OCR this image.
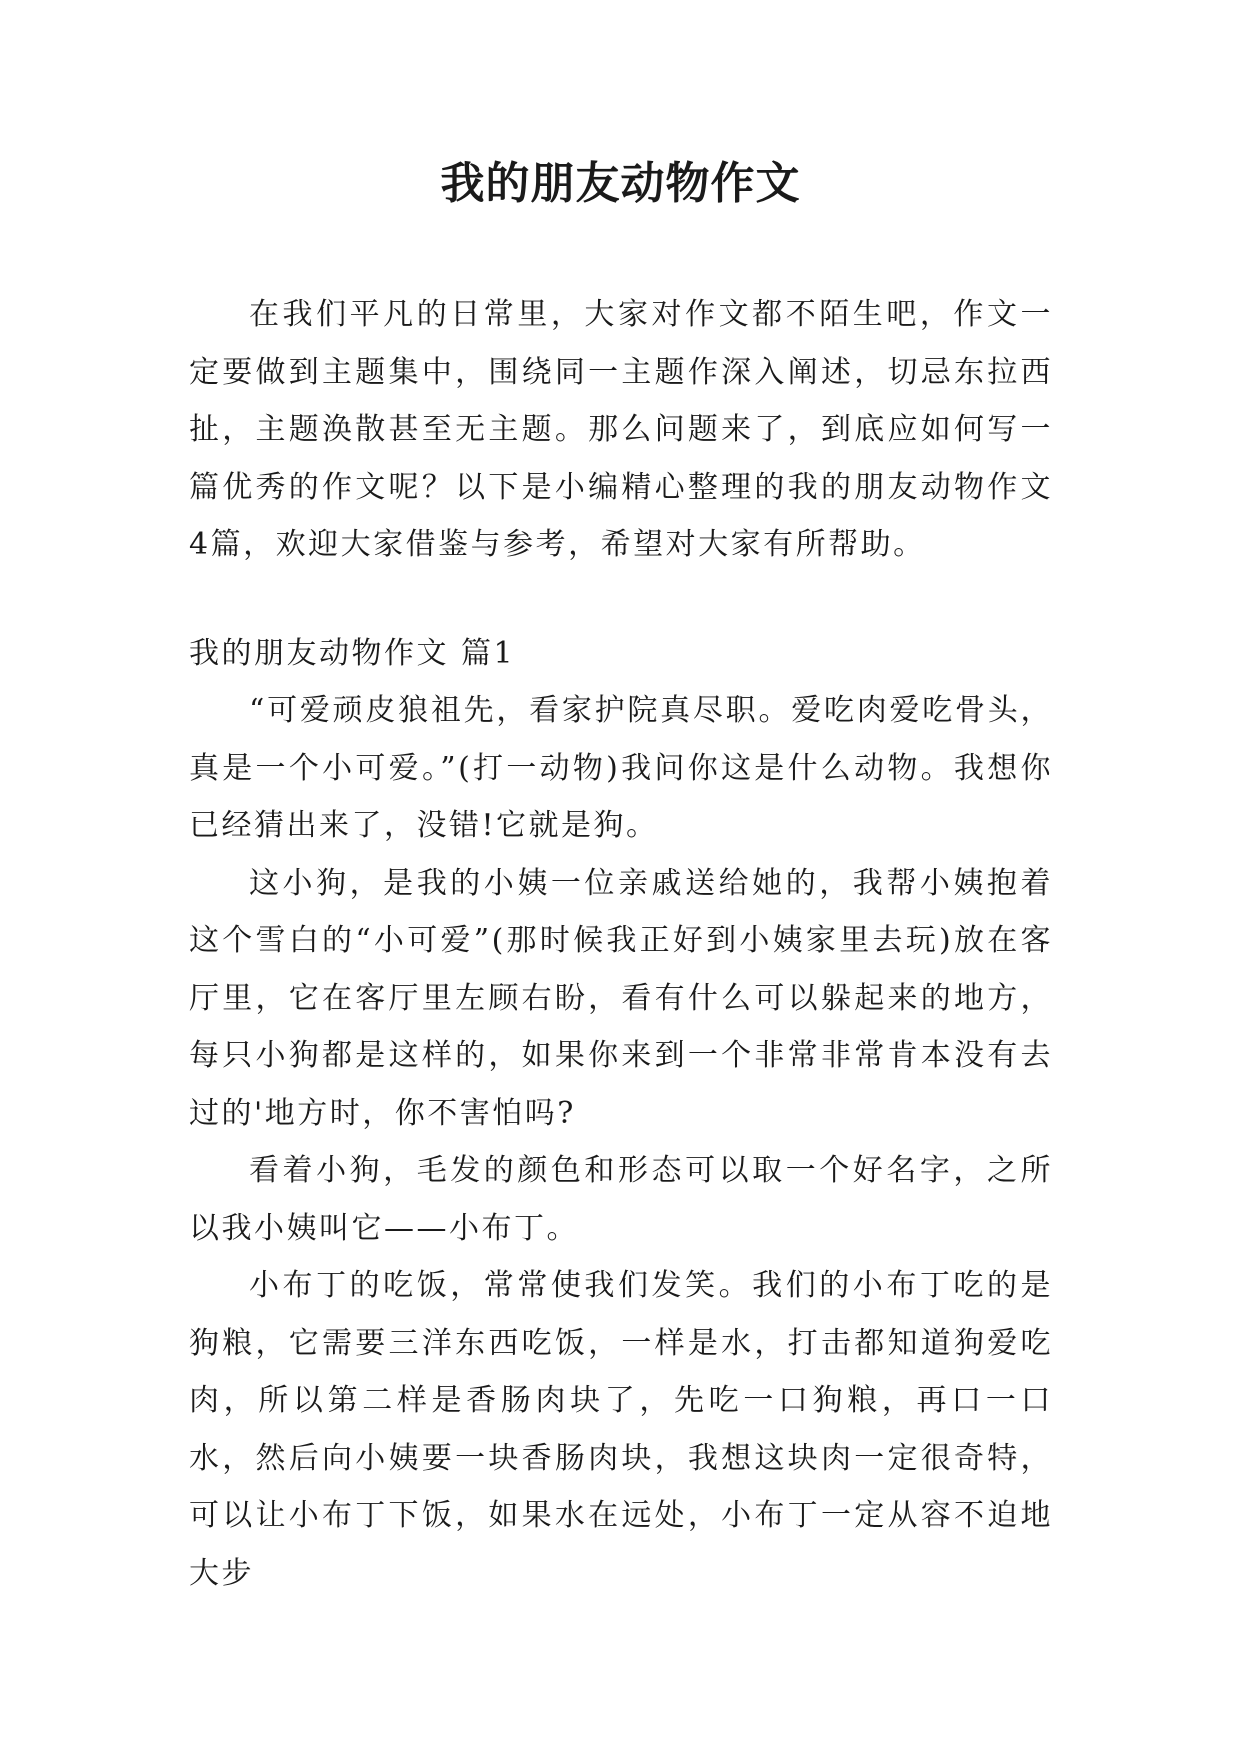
我的朋友动物作文

在我们平凡的日常里，大家对作文都不陌生吧，作文一定要做到主题集中，围绕同一主题作深入阐述，切忌东拉西扯，主题涣散甚至无主题。那么问题来了，到底应如何写一篇优秀的作文呢？以下是小编精心整理的我的朋友动物作文4篇，欢迎大家借鉴与参考，希望对大家有所帮助。

我的朋友动物作文 篇1

“可爱顽皮狼祖先，看家护院真尽职。爱吃肉爱吃骨头，真是一个小可爱。”(打一动物)我问你这是什么动物。我想你已经猜出来了，没错!它就是狗。

这小狗，是我的小姨一位亲戚送给她的，我帮小姨抱着这个雪白的“小可爱”(那时候我正好到小姨家里去玩)放在客厅里，它在客厅里左顾右盼，看有什么可以躲起来的地方，每只小狗都是这样的，如果你来到一个非常非常肯本没有去过的'地方时，你不害怕吗?

看着小狗，毛发的颜色和形态可以取一个好名字，之所以我小姨叫它——小布丁。

小布丁的吃饭，常常使我们发笑。我们的小布丁吃的是狗粮，它需要三洋东西吃饭，一样是水，打击都知道狗爱吃肉，所以第二样是香肠肉块了，先吃一口狗粮，再口一口水，然后向小姨要一块香肠肉块，我想这块肉一定很奇特，可以让小布丁下饭，如果水在远处，小布丁一定从容不迫地大步
